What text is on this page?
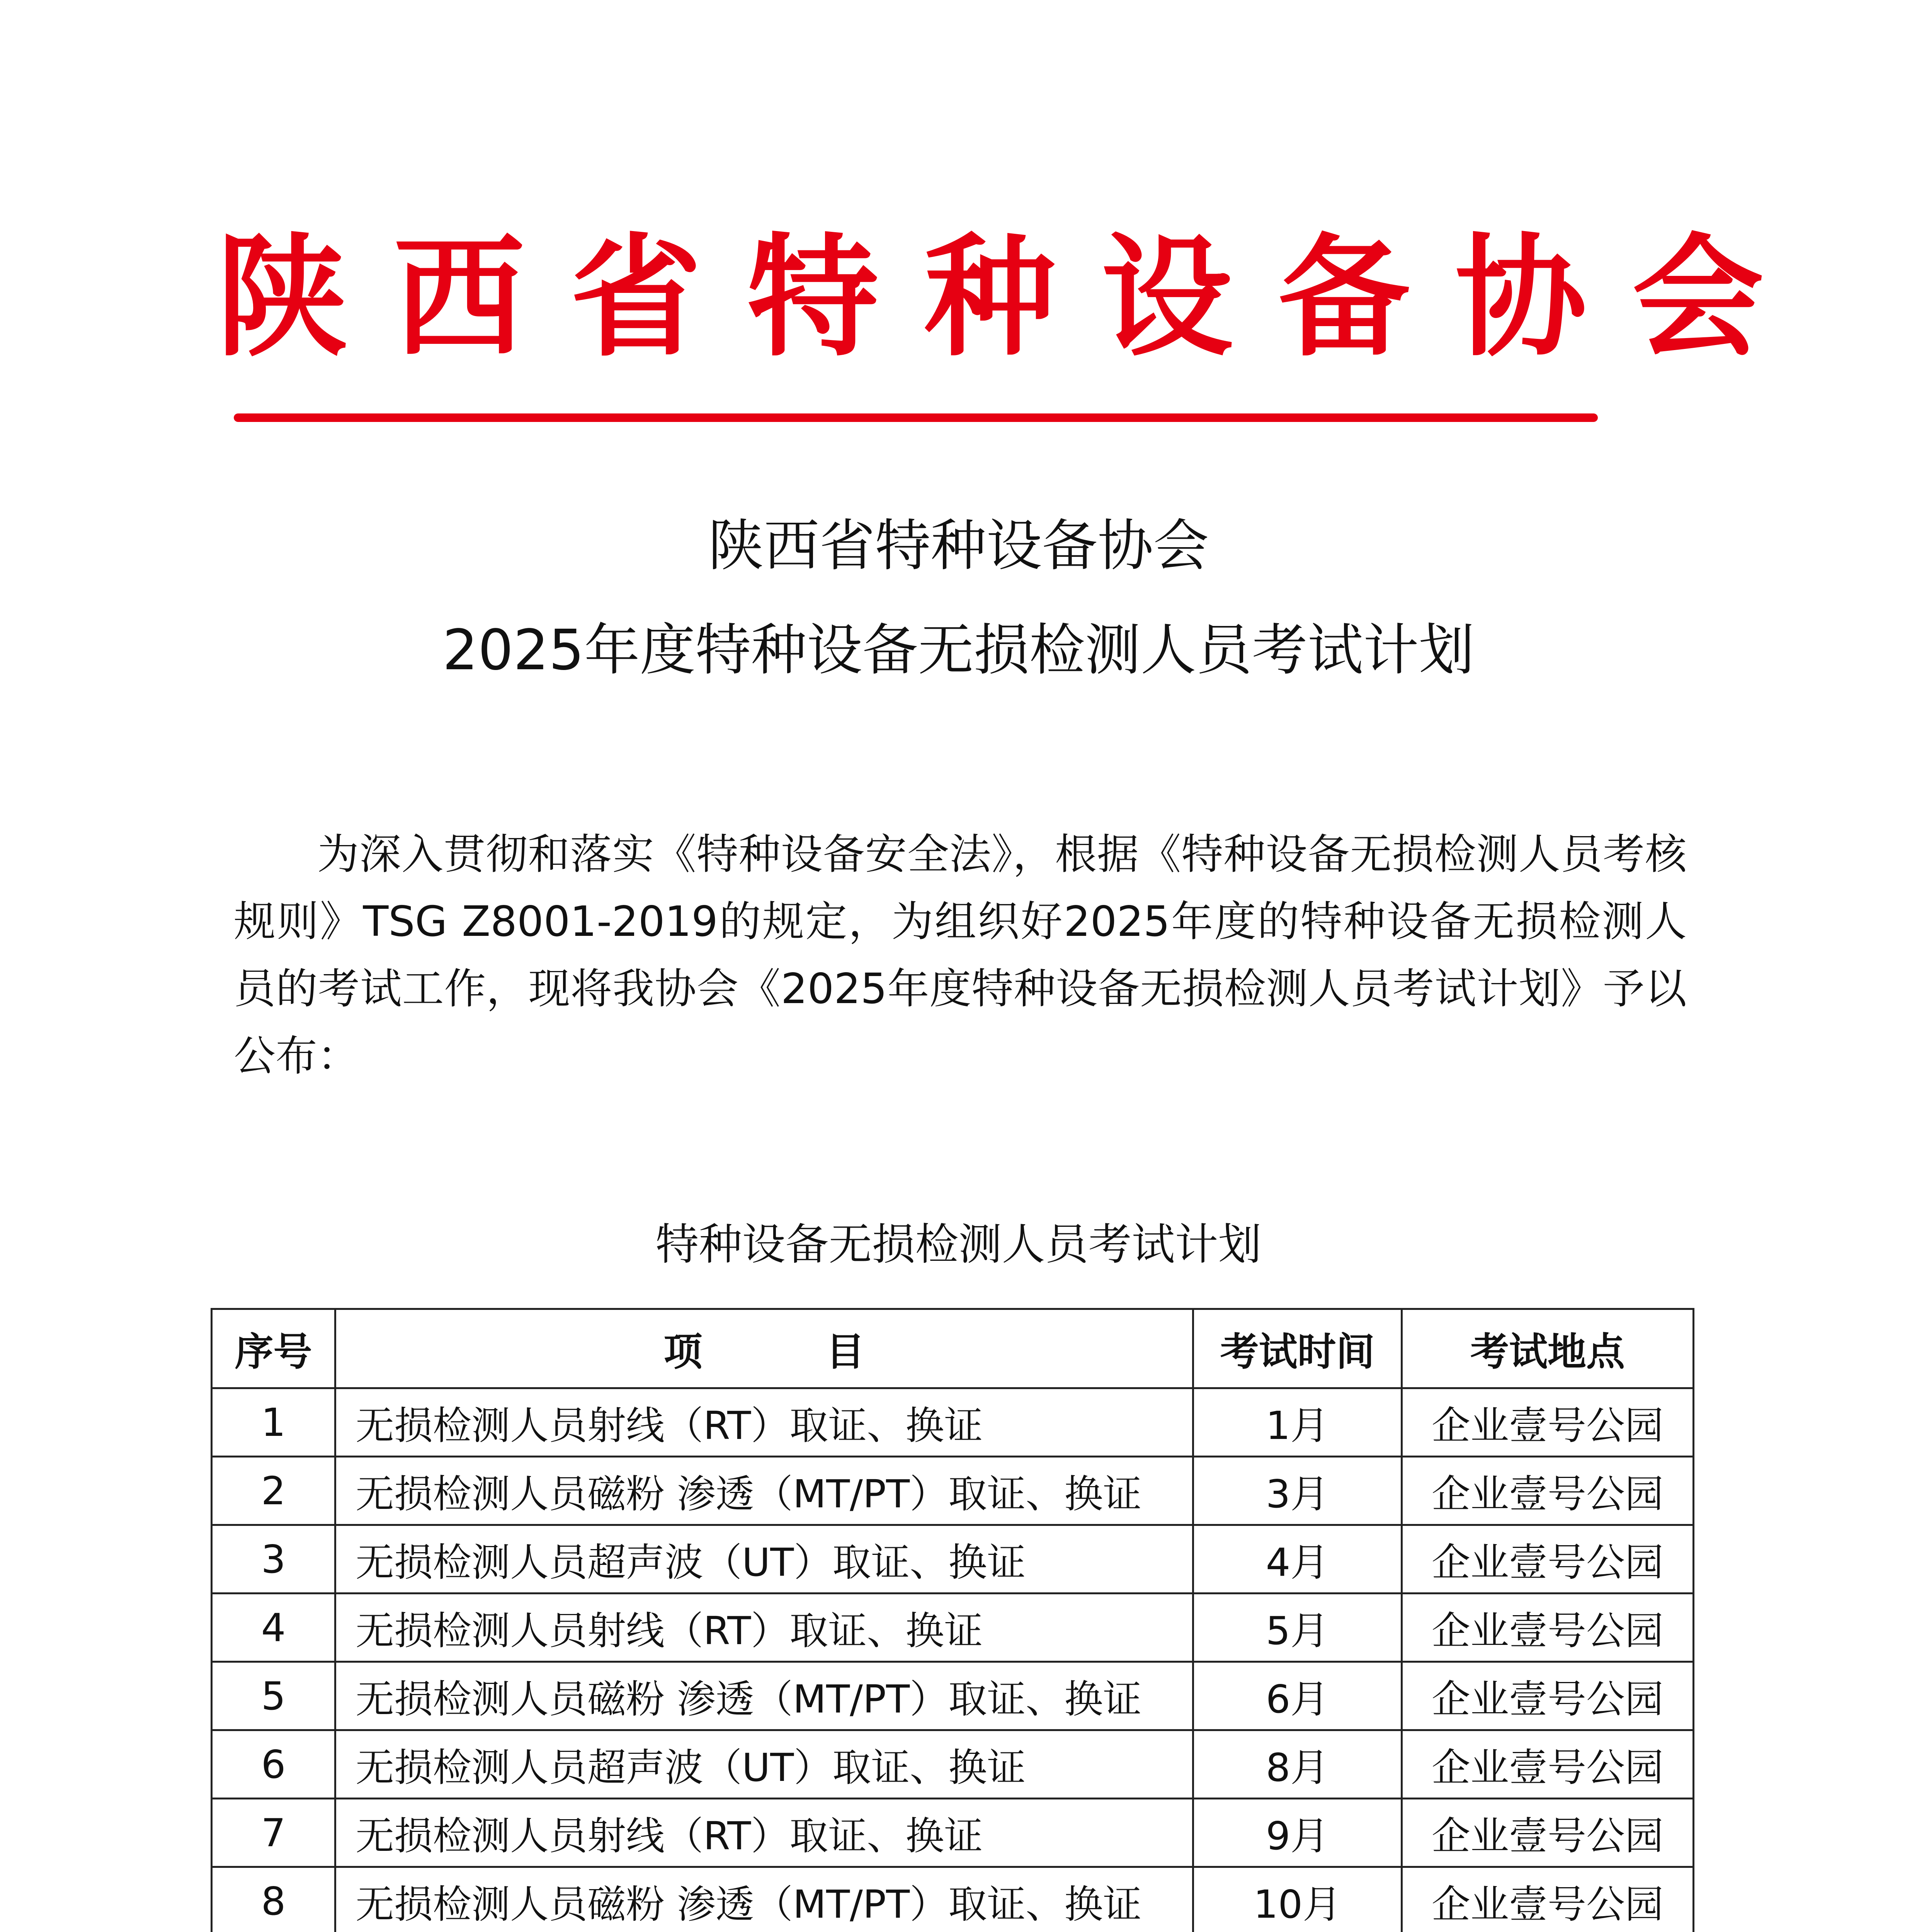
陕西省特种设备协会
陕西省特种设备协会
2025年度特种设备无损检测人员考试计划

为深入贯彻和落实《特种设备安全法》，根据《特种设备无损检测人员考核规则》TSG Z8001-2019的规定，为组织好2025年度的特种设备无损检测人员的考试工作，现将我协会《2025年度特种设备无损检测人员考试计划》予以公布：

特种设备无损检测人员考试计划
序号	项 目	考试时间	考试地点
1	无损检测人员射线（RT）取证、换证	1月	企业壹号公园
2	无损检测人员磁粉 渗透（MT/PT）取证、换证	3月	企业壹号公园
3	无损检测人员超声波（UT）取证、换证	4月	企业壹号公园
4	无损检测人员射线（RT）取证、换证	5月	企业壹号公园
5	无损检测人员磁粉 渗透（MT/PT）取证、换证	6月	企业壹号公园
6	无损检测人员超声波（UT）取证、换证	8月	企业壹号公园
7	无损检测人员射线（RT）取证、换证	9月	企业壹号公园
8	无损检测人员磁粉 渗透（MT/PT）取证、换证	10月	企业壹号公园
